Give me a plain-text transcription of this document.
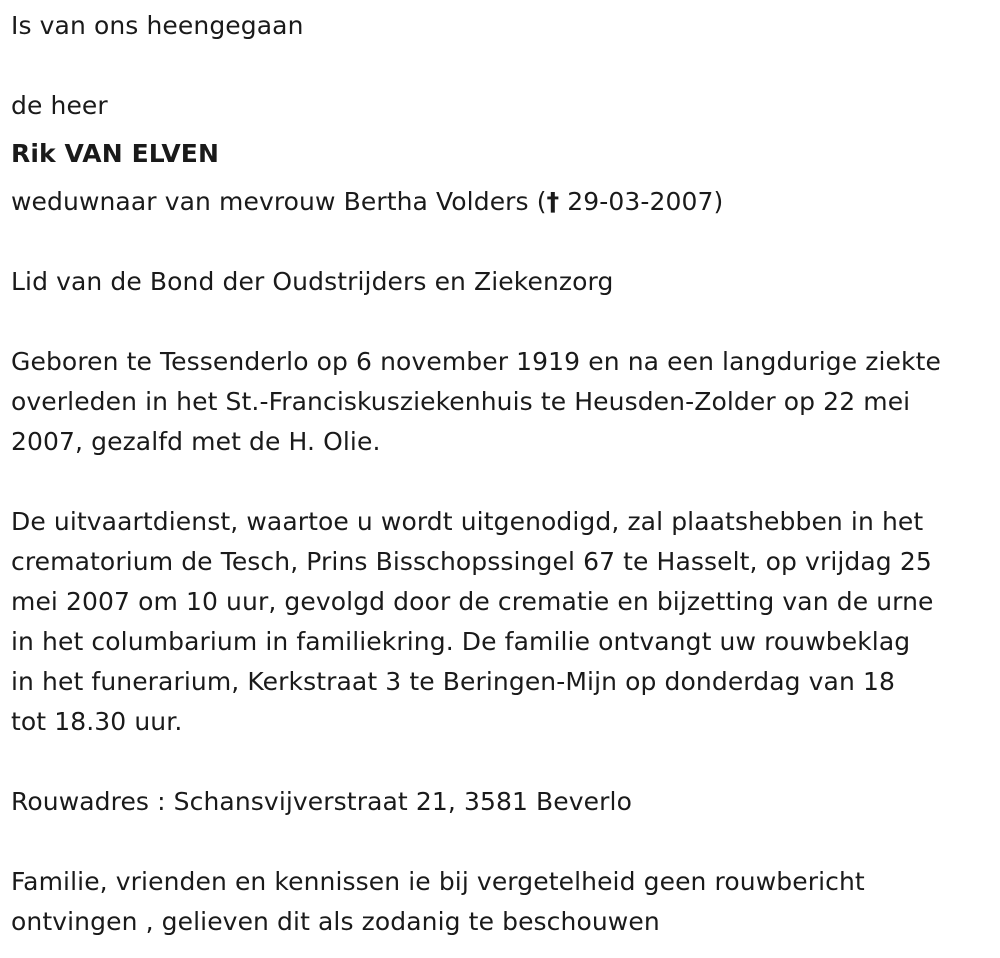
Is van ons heengegaan
de heer
Rik VAN ELVEN
weduwnaar van mevrouw Bertha Volders († 29-03-2007)
Lid van de Bond der Oudstrijders en Ziekenzorg
Geboren te Tessenderlo op 6 november 1919 en na een langdurige ziekte
overleden in het St.-Franciskusziekenhuis te Heusden-Zolder op 22 mei
2007, gezalfd met de H. Olie.
De uitvaartdienst, waartoe u wordt uitgenodigd, zal plaatshebben in het
crematorium de Tesch, Prins Bisschopssingel 67 te Hasselt, op vrijdag 25
mei 2007 om 10 uur, gevolgd door de crematie en bijzetting van de urne
in het columbarium in familiekring. De familie ontvangt uw rouwbeklag
in het funerarium, Kerkstraat 3 te Beringen-Mijn op donderdag van 18
tot 18.30 uur.
Rouwadres : Schansvijverstraat 21, 3581 Beverlo
Familie, vrienden en kennissen ie bij vergetelheid geen rouwbericht
ontvingen , gelieven dit als zodanig te beschouwen
